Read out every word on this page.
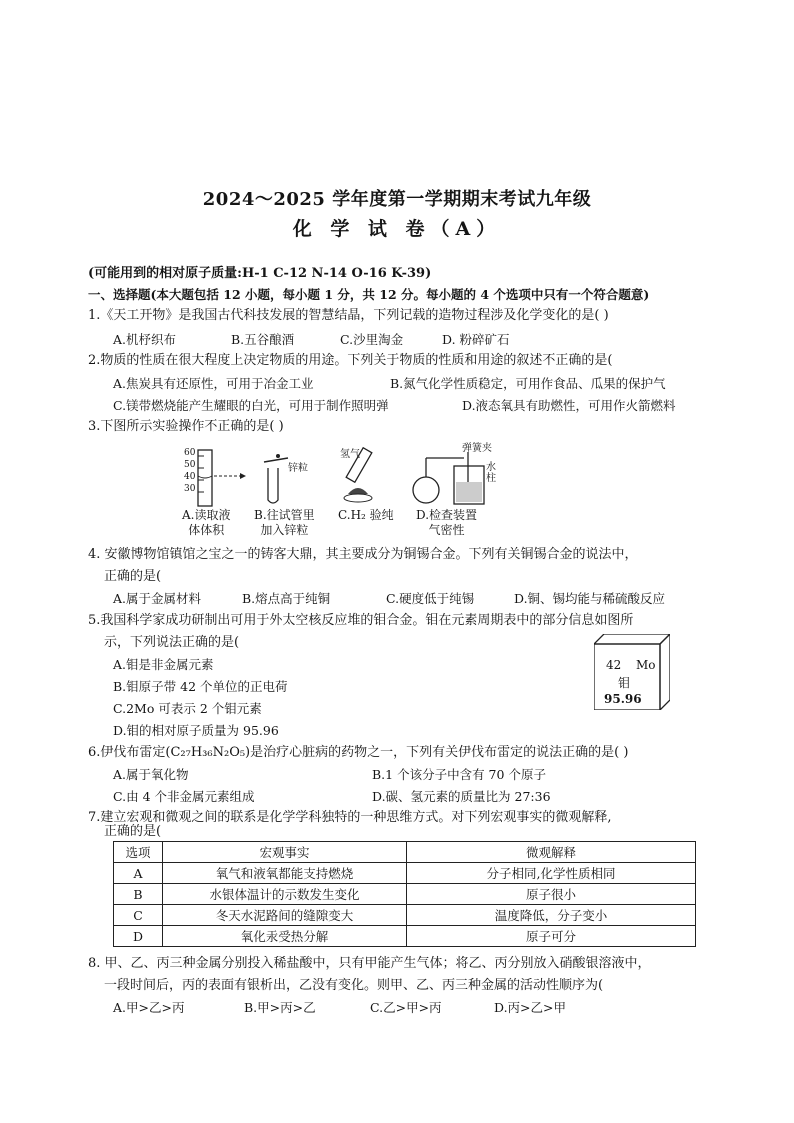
2024～2025 学年度第一学期期末考试九年级
化 学 试 卷（A）
(可能用到的相对原子质量:H-1 C-12 N-14 O-16 K-39)
一、选择题(本大题包括 12 小题，每小题 1 分，共 12 分。每小题的 4 个选项中只有一个符合题意)
1.《天工开物》是我国古代科技发展的智慧结晶，下列记载的造物过程涉及化学变化的是( )
A.机杼织布	B.五谷酿酒	C.沙里淘金	D. 粉碎矿石
2.物质的性质在很大程度上决定物质的用途。下列关于物质的性质和用途的叙述不正确的是(
A.焦炭具有还原性，可用于冶金工业	B.氮气化学性质稳定，可用作食品、瓜果的保护气
C.镁带燃烧能产生耀眼的白光，可用于制作照明弹	D.液态氧具有助燃性，可用作火箭燃料
3.下图所示实验操作不正确的是( )
60
50
40
30
锌粒
氢气
弹簧夹
水柱
A.读取液
体体积
B.往试管里
加入锌粒
C.H₂ 验纯 D.检查装置
气密性
4. 安徽博物馆镇馆之宝之一的铸客大鼎，其主要成分为铜锡合金。下列有关铜锡合金的说法中，
正确的是(
A.属于金属材料	B.熔点高于纯铜	C.硬度低于纯锡	D.铜、锡均能与稀硫酸反应
5.我国科学家成功研制出可用于外太空核反应堆的钼合金。钼在元素周期表中的部分信息如图所
示，下列说法正确的是(
A.钼是非金属元素
B.钼原子带 42 个单位的正电荷
C.2Mo 可表示 2 个钼元素
D.钼的相对原子质量为 95.96
42 Mo
钼
95.96
6.伊伐布雷定(C₂₇H₃₆N₂O₅)是治疗心脏病的药物之一，下列有关伊伐布雷定的说法正确的是( )
A.属于氧化物	B.1 个该分子中含有 70 个原子
C.由 4 个非金属元素组成	D.碳、氢元素的质量比为 27:36
7.建立宏观和微观之间的联系是化学学科独特的一种思维方式。对下列宏观事实的微观解释,
正确的是(
选项	宏观事实	微观解释
A	氧气和液氧都能支持燃烧	分子相同,化学性质相同
B	水银体温计的示数发生变化	原子很小
C	冬天水泥路间的缝隙变大	温度降低，分子变小
D	氧化汞受热分解	原子可分
8. 甲、乙、丙三种金属分别投入稀盐酸中，只有甲能产生气体；将乙、丙分别放入硝酸银溶液中，
一段时间后，丙的表面有银析出，乙没有变化。则甲、乙、丙三种金属的活动性顺序为(
A.甲>乙>丙	B.甲>丙>乙	C.乙>甲>丙	D.丙>乙>甲
